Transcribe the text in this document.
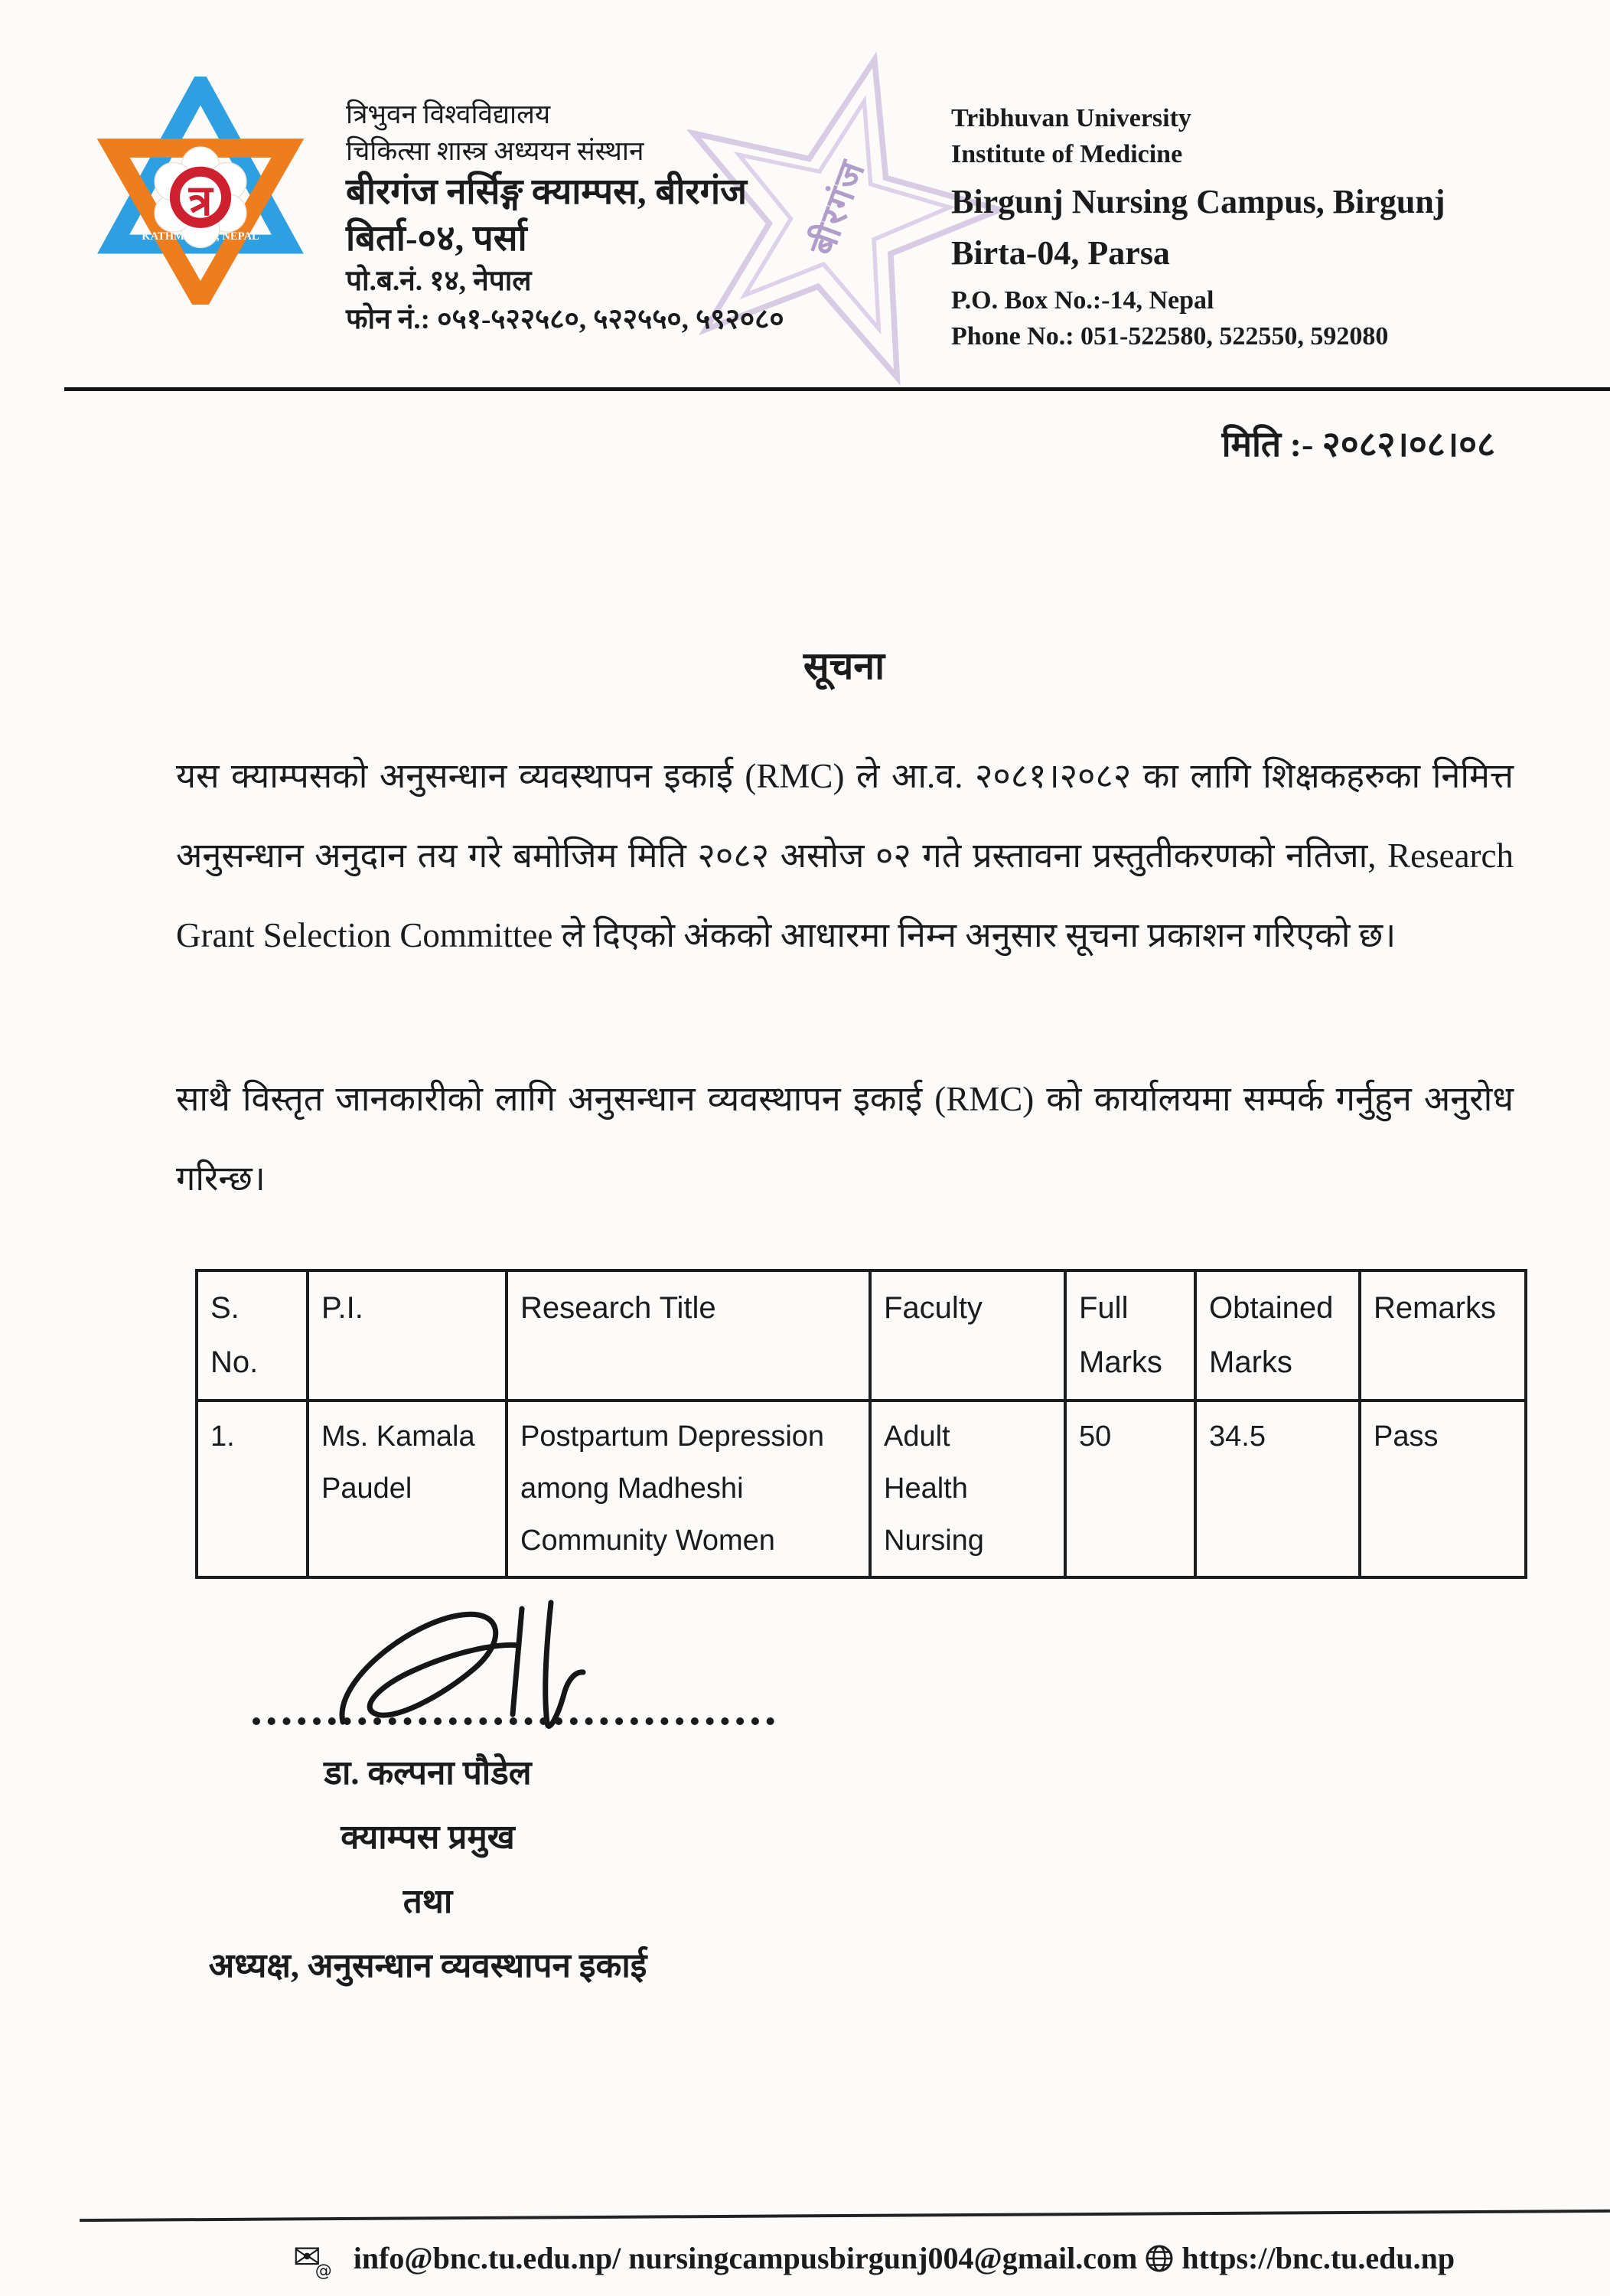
त्र
KATHMANDU, NEPAL	बीरगंज
त्रिभुवन विश्वविद्यालय
चिकित्सा शास्त्र अध्ययन संस्थान
बीरगंज नर्सिङ्ग क्याम्पस, बीरगंज
बिर्ता-०४, पर्सा
पो.ब.नं. १४, नेपाल
फोन नं.: ०५१-५२२५८०, ५२२५५०, ५९२०८०
Tribhuvan University
Institute of Medicine
Birgunj Nursing Campus, Birgunj
Birta-04, Parsa
P.O. Box No.:-14, Nepal
Phone No.: 051-522580, 522550, 592080
मिति :- २०८२।०८।०८
सूचना
यस क्याम्पसको अनुसन्धान व्यवस्थापन इकाई (RMC) ले आ.व. २०८१।२०८२ का लागि शिक्षकहरुका निमित्त अनुसन्धान अनुदान तय गरे बमोजिम मिति २०८२ असोज ०२ गते प्रस्तावना प्रस्तुतीकरणको नतिजा, Research Grant Selection Committee ले दिएको अंकको आधारमा निम्न अनुसार सूचना प्रकाशन गरिएको छ।
साथै विस्तृत जानकारीको लागि अनुसन्धान व्यवस्थापन इकाई (RMC) को कार्यालयमा सम्पर्क गर्नुहुन अनुरोध गरिन्छ।
S. No.	P.I.	Research Title	Faculty	Full Marks	Obtained Marks	Remarks
1.	Ms. Kamala Paudel	Postpartum Depression among Madheshi Community Women	Adult Health Nursing	50	34.5	Pass
डा. कल्पना पौडेल
क्याम्पस प्रमुख
तथा
अध्यक्ष, अनुसन्धान व्यवस्थापन इकाई
$✉_@$ info@bnc.tu.edu.np/ nursingcampusbirgunj004@gmail.com https://bnc.tu.edu.np
